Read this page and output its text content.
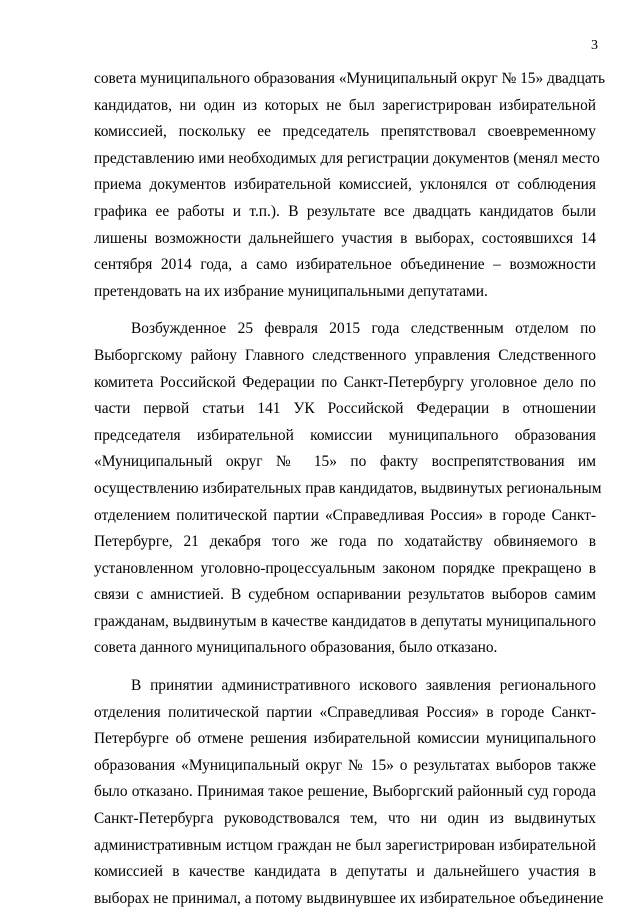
3
совета муниципального образования «Муниципальный округ № 15» двадцать
кандидатов, ни один из которых не был зарегистрирован избирательной
комиссией, поскольку ее председатель препятствовал своевременному
представлению ими необходимых для регистрации документов (менял место
приема документов избирательной комиссией, уклонялся от соблюдения
графика ее работы и т.п.). В результате все двадцать кандидатов были
лишены возможности дальнейшего участия в выборах, состоявшихся 14
сентября 2014 года, а само избирательное объединение – возможности
претендовать на их избрание муниципальными депутатами.
Возбужденное 25 февраля 2015 года следственным отделом по
Выборгскому району Главного следственного управления Следственного
комитета Российской Федерации по Санкт-Петербургу уголовное дело по
части первой статьи 141 УК Российской Федерации в отношении
председателя избирательной комиссии муниципального образования
«Муниципальный округ № 15» по факту воспрепятствования им
осуществлению избирательных прав кандидатов, выдвинутых региональным
отделением политической партии «Справедливая Россия» в городе Санкт-
Петербурге, 21 декабря того же года по ходатайству обвиняемого в
установленном уголовно-процессуальным законом порядке прекращено в
связи с амнистией. В судебном оспаривании результатов выборов самим
гражданам, выдвинутым в качестве кандидатов в депутаты муниципального
совета данного муниципального образования, было отказано.
В принятии административного искового заявления регионального
отделения политической партии «Справедливая Россия» в городе Санкт-
Петербурге об отмене решения избирательной комиссии муниципального
образования «Муниципальный округ № 15» о результатах выборов также
было отказано. Принимая такое решение, Выборгский районный суд города
Санкт-Петербурга руководствовался тем, что ни один из выдвинутых
административным истцом граждан не был зарегистрирован избирательной
комиссией в качестве кандидата в депутаты и дальнейшего участия в
выборах не принимал, а потому выдвинувшее их избирательное объединение
